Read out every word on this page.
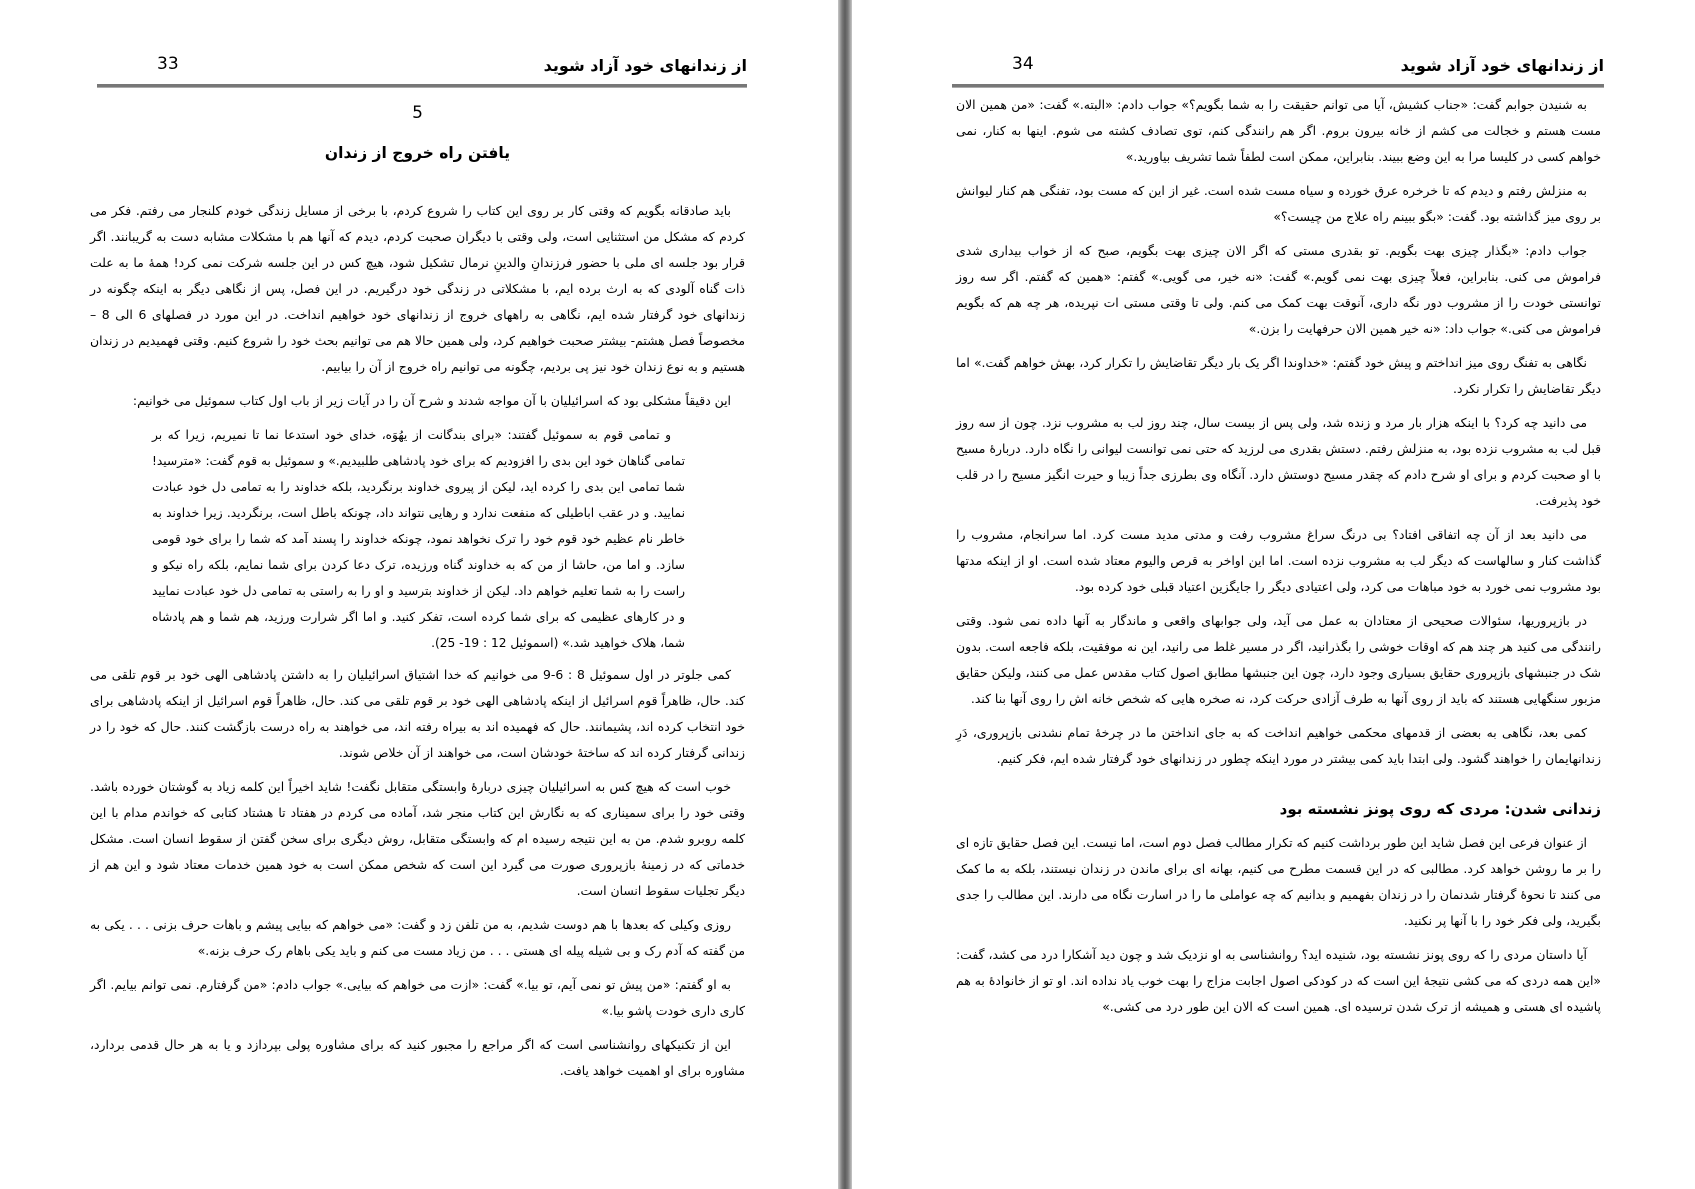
از زندانهای خود آزاد شوید
33
5
یافتن راه خروج از زندان

باید صادقانه بگویم که وقتی کار بر روی این کتاب را شروع کردم، با برخی از مسایل زندگی خودم کلنجار می رفتم. فکر می کردم که مشکل من استثنایی است، ولی وقتی با دیگران صحبت کردم، دیدم که آنها هم با مشکلات مشابه دست به گریبانند. اگر قرار بود جلسه ای ملی با حضور فرزندانِ والدینِ نرمال تشکیل شود، هیچ کس در این جلسه شرکت نمی کرد! همهٔ ما به علت ذات گناه آلودی که به ارث برده ایم، با مشکلاتی در زندگی خود درگیریم. در این فصل، پس از نگاهی دیگر به اینکه چگونه در زندانهای خود گرفتار شده ایم، نگاهی به راههای خروج از زندانهای خود خواهیم انداخت. در این مورد در فصلهای 6 الی 8 – مخصوصاً فصل هشتم- بیشتر صحبت خواهیم کرد، ولی همین حالا هم می توانیم بحث خود را شروع کنیم. وقتی فهمیدیم در زندان هستیم و به نوع زندان خود نیز پی بردیم، چگونه می توانیم راه خروج از آن را بیابیم.

این دقیقاً مشکلی بود که اسرائیلیان با آن مواجه شدند و شرح آن را در آیات زیر از باب اول کتاب سموئیل می خوانیم:

و تمامی قوم به سموئیل گفتند: «برای بندگانت از یهُوَه، خدای خود استدعا نما تا نمیریم، زیرا که بر تمامی گناهان خود این بدی را افزودیم که برای خود پادشاهی طلبیدیم.» و سموئیل به قوم گفت: «مترسید! شما تمامی این بدی را کرده اید، لیکن از پیروی خداوند برنگردید، بلکه خداوند را به تمامی دل خود عبادت نمایید. و در عقب اباطیلی که منفعت ندارد و رهایی نتواند داد، چونکه باطل است، برنگردید. زیرا خداوند به خاطر نام عظیم خود قوم خود را ترک نخواهد نمود، چونکه خداوند را پسند آمد که شما را برای خود قومی سازد. و اما من، حاشا از من که به خداوند گناه ورزیده، ترک دعا کردن برای شما نمایم، بلکه راه نیکو و راست را به شما تعلیم خواهم داد. لیکن از خداوند بترسید و او را به راستی به تمامی دل خود عبادت نمایید و در کارهای عظیمی که برای شما کرده است، تفکر کنید. و اما اگر شرارت ورزید، هم شما و هم پادشاه شما، هلاک خواهید شد.» (اسموئیل 12 : 19- 25).

کمی جلوتر در اول سموئیل 8 : 6-9 می خوانیم که خدا اشتیاق اسرائیلیان را به داشتن پادشاهی الهی خود بر قوم تلقی می کند. حال، ظاهراً قوم اسرائیل از اینکه پادشاهی الهی خود بر قوم تلقی می کند. حال، ظاهراً قوم اسرائیل از اینکه پادشاهی برای خود انتخاب کرده اند، پشیمانند. حال که فهمیده اند به بیراه رفته اند، می خواهند به راه درست بازگشت کنند. حال که خود را در زندانی گرفتار کرده اند که ساختهٔ خودشان است، می خواهند از آن خلاص شوند.

خوب است که هیچ کس به اسرائیلیان چیزی دربارهٔ وابستگی متقابل نگفت! شاید اخیراً این کلمه زیاد به گوشتان خورده باشد. وقتی خود را برای سمیناری که به نگارش این کتاب منجر شد، آماده می کردم در هفتاد تا هشتاد کتابی که خواندم مدام با این کلمه روبرو شدم. من به این نتیجه رسیده ام که وابستگی متقابل، روش دیگری برای سخن گفتن از سقوط انسان است. مشکل خدماتی که در زمینهٔ بازپروری صورت می گیرد این است که شخص ممکن است به خود همین خدمات معتاد شود و این هم از دیگر تجلیات سقوط انسان است.

روزی وکیلی که بعدها با هم دوست شدیم، به من تلفن زد و گفت: «می خواهم که بیایی پیشم و باهات حرف بزنی . . . یکی به من گفته که آدم رک و بی شیله پیله ای هستی . . . من زیاد مست می کنم و باید یکی باهام رک حرف بزنه.»

به او گفتم: «من پیش تو نمی آیم، تو بیا.» گفت: «ازت می خواهم که بیایی.» جواب دادم: «من گرفتارم. نمی توانم بیایم. اگر کاری داری خودت پاشو بیا.»

این از تکنیکهای روانشناسی است که اگر مراجع را مجبور کنید که برای مشاوره پولی بپردازد و یا به هر حال قدمی بردارد، مشاوره برای او اهمیت خواهد یافت.

از زندانهای خود آزاد شوید
34

به شنیدن جوابم گفت: «جناب کشیش، آیا می توانم حقیقت را به شما بگویم؟» جواب دادم: «البته.» گفت: «من همین الان مست هستم و خجالت می کشم از خانه بیرون بروم. اگر هم رانندگی کنم، توی تصادف کشته می شوم. اینها به کنار، نمی خواهم کسی در کلیسا مرا به این وضع ببیند. بنابراین، ممکن است لطفاً شما تشریف بیاورید.»

به منزلش رفتم و دیدم که تا خرخره عرق خورده و سیاه مست شده است. غیر از این که مست بود، تفنگی هم کنار لیوانش بر روی میز گذاشته بود. گفت: «بگو ببینم راه علاج من چیست؟»

جواب دادم: «بگذار چیزی بهت بگویم. تو بقدری مستی که اگر الان چیزی بهت بگویم، صبح که از خواب بیداری شدی فراموش می کنی. بنابراین، فعلاً چیزی بهت نمی گویم.» گفت: «نه خیر، می گویی.» گفتم: «همین که گفتم. اگر سه روز توانستی خودت را از مشروب دور نگه داری، آنوقت بهت کمک می کنم. ولی تا وقتی مستی ات نپریده، هر چه هم که بگویم فراموش می کنی.» جواب داد: «نه خیر همین الان حرفهایت را بزن.»

نگاهی به تفنگ روی میز انداختم و پیش خود گفتم: «خداوندا اگر یک بار دیگر تقاضایش را تکرار کرد، بهش خواهم گفت.» اما دیگر تقاضایش را تکرار نکرد.

می دانید چه کرد؟ با اینکه هزار بار مرد و زنده شد، ولی پس از بیست سال، چند روز لب به مشروب نزد. چون از سه روز قبل لب به مشروب نزده بود، به منزلش رفتم. دستش بقدری می لرزید که حتی نمی توانست لیوانی را نگاه دارد. دربارهٔ مسیح با او صحبت کردم و برای او شرح دادم که چقدر مسیح دوستش دارد. آنگاه وی بطرزی جداً زیبا و حیرت انگیز مسیح را در قلب خود پذیرفت.

می دانید بعد از آن چه اتفاقی افتاد؟ بی درنگ سراغ مشروب رفت و مدتی مدید مست کرد. اما سرانجام، مشروب را گذاشت کنار و سالهاست که دیگر لب به مشروب نزده است. اما این اواخر به قرص والیوم معتاد شده است. او از اینکه مدتها بود مشروب نمی خورد به خود مباهات می کرد، ولی اعتیادی دیگر را جایگزین اعتیاد قبلی خود کرده بود.

در بازپروریها، سئوالات صحیحی از معتادان به عمل می آید، ولی جوابهای واقعی و ماندگار به آنها داده نمی شود. وقتی رانندگی می کنید هر چند هم که اوقات خوشی را بگذرانید، اگر در مسیر غلط می رانید، این نه موفقیت، بلکه فاجعه است. بدون شک در جنبشهای بازپروری حقایق بسیاری وجود دارد، چون این جنبشها مطابق اصول کتاب مقدس عمل می کنند، ولیکن حقایق مزبور سنگهایی هستند که باید از روی آنها به طرف آزادی حرکت کرد، نه صخره هایی که شخص خانه اش را روی آنها بنا کند.

کمی بعد، نگاهی به بعضی از قدمهای محکمی خواهیم انداخت که به جای انداختن ما در چرخهٔ تمام نشدنی بازپروری، دَرِ زندانهایمان را خواهند گشود. ولی ابتدا باید کمی بیشتر در مورد اینکه چطور در زندانهای خود گرفتار شده ایم، فکر کنیم.

زندانی شدن: مردی که روی پونز نشسته بود

از عنوان فرعی این فصل شاید این طور برداشت کنیم که تکرار مطالب فصل دوم است، اما نیست. این فصل حقایق تازه ای را بر ما روشن خواهد کرد. مطالبی که در این قسمت مطرح می کنیم، بهانه ای برای ماندن در زندان نیستند، بلکه به ما کمک می کنند تا نحوهٔ گرفتار شدنمان را در زندان بفهمیم و بدانیم که چه عواملی ما را در اسارت نگاه می دارند. این مطالب را جدی بگیرید، ولی فکر خود را با آنها پر نکنید.

آیا داستان مردی را که روی پونز نشسته بود، شنیده اید؟ روانشناسی به او نزدیک شد و چون دید آشکارا درد می کشد، گفت: «این همه دردی که می کشی نتیجهٔ این است که در کودکی اصول اجابت مزاج را بهت خوب یاد نداده اند. او تو از خانوادهٔ به هم پاشیده ای هستی و همیشه از ترک شدن ترسیده ای. همین است که الان این طور درد می کشی.»
